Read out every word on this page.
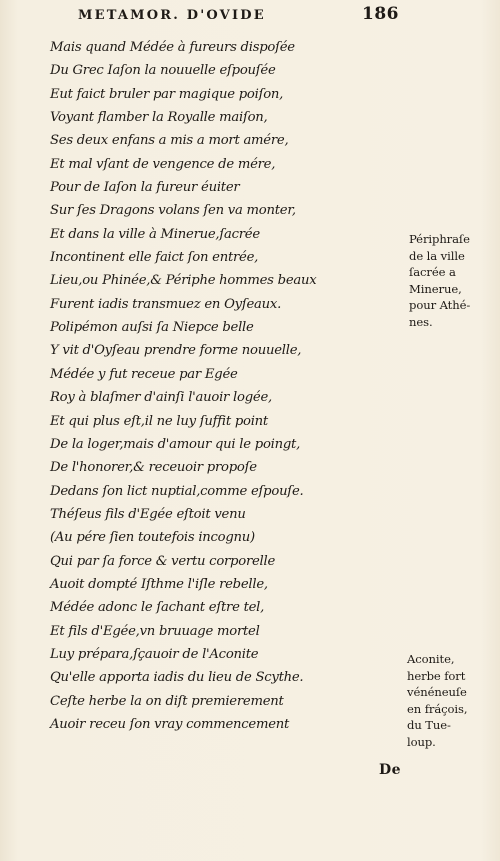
METAMOR. D'OVIDE	186
Mais quand Médée à fureurs dispoſée
Du Grec Iaſon la nouuelle eſpouſée
Eut faict bruler par magique poiſon,
Voyant flamber la Royalle maiſon,
Ses deux enfans a mis a mort amére,
Et mal vſant de vengence de mére,
Pour de Iaſon la fureur éuiter
Sur ſes Dragons volans ſen va monter,
Et dans la ville à Minerue,ſacrée
Incontinent elle faict ſon entrée,
Lieu,ou Phinée,& Périphe hommes beaux
Furent iadis transmuez en Oyſeaux.
Polipémon auſsi ſa Niepce belle
Y vit d'Oyſeau prendre forme nouuelle,
Médée y fut receue par Egée
Roy à blaſmer d'ainſi l'auoir logée,
Et qui plus eſt,il ne luy ſuffit point
De la loger,mais d'amour qui le poingt,
De l'honorer,& receuoir propoſe
Dedans ſon lict nuptial,comme eſpouſe.
Théſeus fils d'Egée eſtoit venu
(Au pére ſien toutefois incognu)
Qui par ſa force & vertu corporelle
Auoit dompté Iſthme l'iſle rebelle,
Médée adonc le ſachant eſtre tel,
Et fils d'Egée,vn bruuage mortel
Luy prépara,ſçauoir de l'Aconite
Qu'elle apporta iadis du lieu de Scythe.
Ceſte herbe la on diſt premierement
Auoir receu ſon vray commencement
Périphraſe
de la ville
ſacrée a
Minerue,
pour Athé-
nes.
Aconite,
herbe fort
vénéneuſe
en fráçois,
du Tue-
loup.
De
